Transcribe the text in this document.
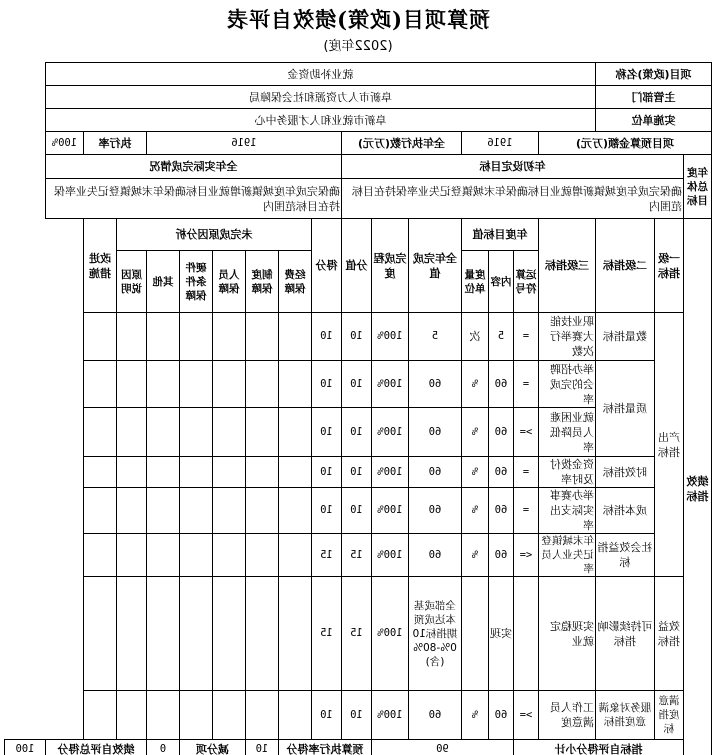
预算项目(政策)绩效自评表
(2022年度)
项目(政策)名称			就业补助资金																
主管部门			阜新市人力资源和社会保障局																
实施单位			阜新市就业和人才服务中心																
项目预算金额(万元)				1916			全年执行数(万元)			1916						执行率		100%	
年度总体目标	年初设定目标									全年实际完成情况									
	确保完成年度城镇新增就业目标确保年末城镇登记失业率保持在目标范围内									确保完成年度城镇新增就业目标确保年末城镇登记失业率保持在目标范围内									
绩效指标	一级指标	二级指标	三级指标	年度目标值			全年完成值	完成程度	分值	得分	未完成原因分析						改进措施		
				运算符号	内容	度量单位					经费保障	制度保障	人员保障	硬件条件保障	其他	原因说明			
	产出指标	数量指标	职业技能大赛举行次数	=	5	次	5	100%	10	10									
		质量指标	举办招聘会的完成率	=	60	%	60	100%	10	10									
			就业困难人员降低率	>=	60	%	60	100%	10	10									
		时效指标	资金拨付及时率	=	60	%	60	100%	10	10									
		成本指标	举办赛事实际支出率	=	60	%	60	100%	10	10									
		社会效益指标	年末城镇登记失业人员率	<=	60	%	60	100%	15	15									
	效益指标	可持续影响指标	实现稳定就业		实现		全部或基本达成预期指标100%-80%(含)	100%	15	15									
	满意度指标	服务对象满意度指标	工作人员满意度	>=	60	%	60	100%	10	10									
	指标自评得分小计				90				预算执行率得分			10	减分项		0	绩效自评总得分			100
